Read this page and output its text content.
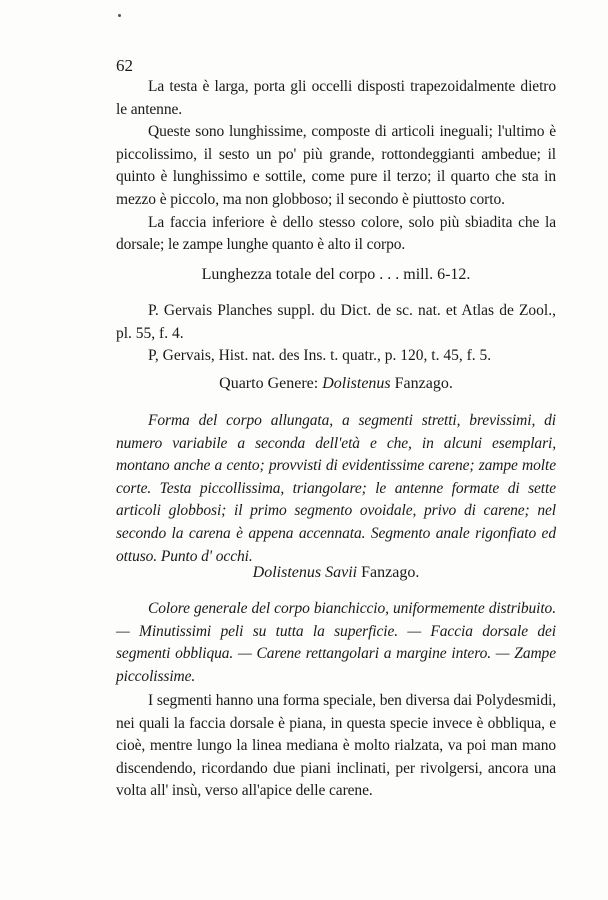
62

La testa è larga, porta gli occelli disposti trapezoidalmente dietro le antenne.

Queste sono lunghissime, composte di articoli ineguali; l'ultimo è piccolissimo, il sesto un po' più grande, rottondeggianti ambedue; il quinto è lunghissimo e sottile, come pure il terzo; il quarto che sta in mezzo è piccolo, ma non globboso; il secondo è piuttosto corto.

La faccia inferiore è dello stesso colore, solo più sbiadita che la dorsale; le zampe lunghe quanto è alto il corpo.

Lunghezza totale del corpo . . . mill. 6-12.

P. Gervais Planches suppl. du Dict. de sc. nat. et Atlas de Zool., pl. 55, f. 4.

P, Gervais, Hist. nat. des Ins. t. quatr., p. 120, t. 45, f. 5.

Quarto Genere: Dolistenus Fanzago.

Forma del corpo allungata, a segmenti stretti, brevissimi, di numero variabile a seconda dell'età e che, in alcuni esemplari, montano anche a cento; provvisti di evidentissime carene; zampe molte corte. Testa piccollissima, triangolare; le antenne formate di sette articoli globbosi; il primo segmento ovoidale, privo di carene; nel secondo la carena è appena accennata. Segmento anale rigonfiato ed ottuso. Punto d' occhi.

Dolistenus Savii Fanzago.

Colore generale del corpo bianchiccio, uniformemente distribuito. — Minutissimi peli su tutta la superficie. — Faccia dorsale dei segmenti obbliqua. — Carene rettangolari a margine intero. — Zampe piccolissime.

I segmenti hanno una forma speciale, ben diversa dai Polydesmidi, nei quali la faccia dorsale è piana, in questa specie invece è obbliqua, e cioè, mentre lungo la linea mediana è molto rialzata, va poi man mano discendendo, ricordando due piani inclinati, per rivolgersi, ancora una volta all' insù, verso all'apice delle carene.
